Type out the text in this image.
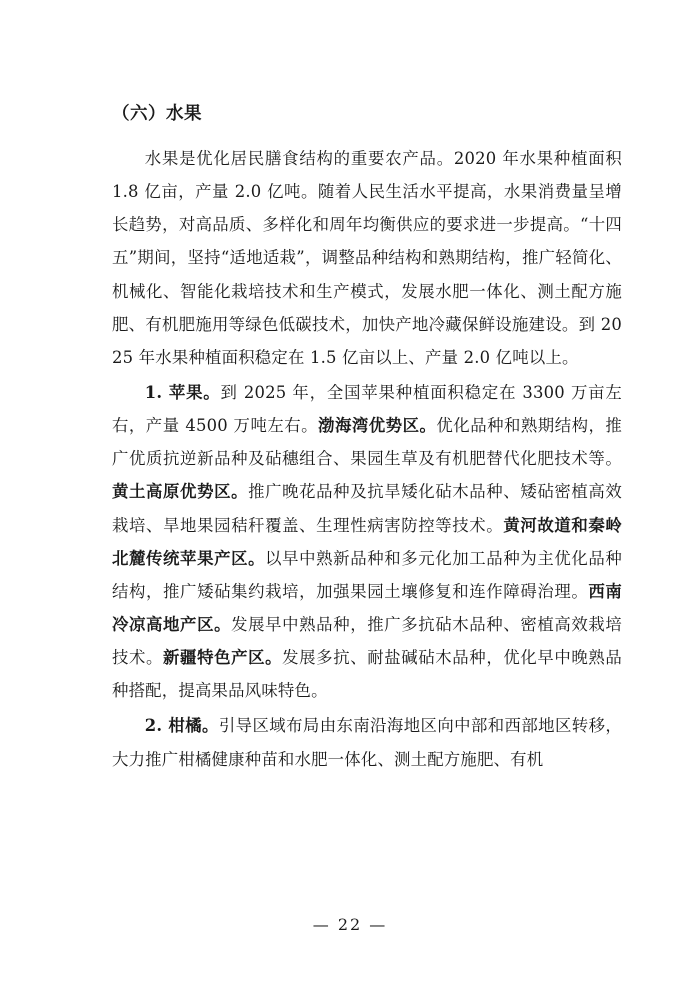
（六）水果

水果是优化居民膳食结构的重要农产品。2020 年水果种植面积 1.8 亿亩，产量 2.0 亿吨。随着人民生活水平提高，水果消费量呈增长趋势，对高品质、多样化和周年均衡供应的要求进一步提高。“十四五”期间，坚持“适地适栽”，调整品种结构和熟期结构，推广轻简化、机械化、智能化栽培技术和生产模式，发展水肥一体化、测土配方施肥、有机肥施用等绿色低碳技术，加快产地冷藏保鲜设施建设。到 2025 年水果种植面积稳定在 1.5 亿亩以上、产量 2.0 亿吨以上。

1. 苹果。到 2025 年，全国苹果种植面积稳定在 3300 万亩左右，产量 4500 万吨左右。渤海湾优势区。优化品种和熟期结构，推广优质抗逆新品种及砧穗组合、果园生草及有机肥替代化肥技术等。黄土高原优势区。推广晚花品种及抗旱矮化砧木品种、矮砧密植高效栽培、旱地果园秸秆覆盖、生理性病害防控等技术。黄河故道和秦岭北麓传统苹果产区。以早中熟新品种和多元化加工品种为主优化品种结构，推广矮砧集约栽培，加强果园土壤修复和连作障碍治理。西南冷凉高地产区。发展早中熟品种，推广多抗砧木品种、密植高效栽培技术。新疆特色产区。发展多抗、耐盐碱砧木品种，优化早中晚熟品种搭配，提高果品风味特色。

2. 柑橘。引导区域布局由东南沿海地区向中部和西部地区转移，大力推广柑橘健康种苗和水肥一体化、测土配方施肥、有机

— 22 —
